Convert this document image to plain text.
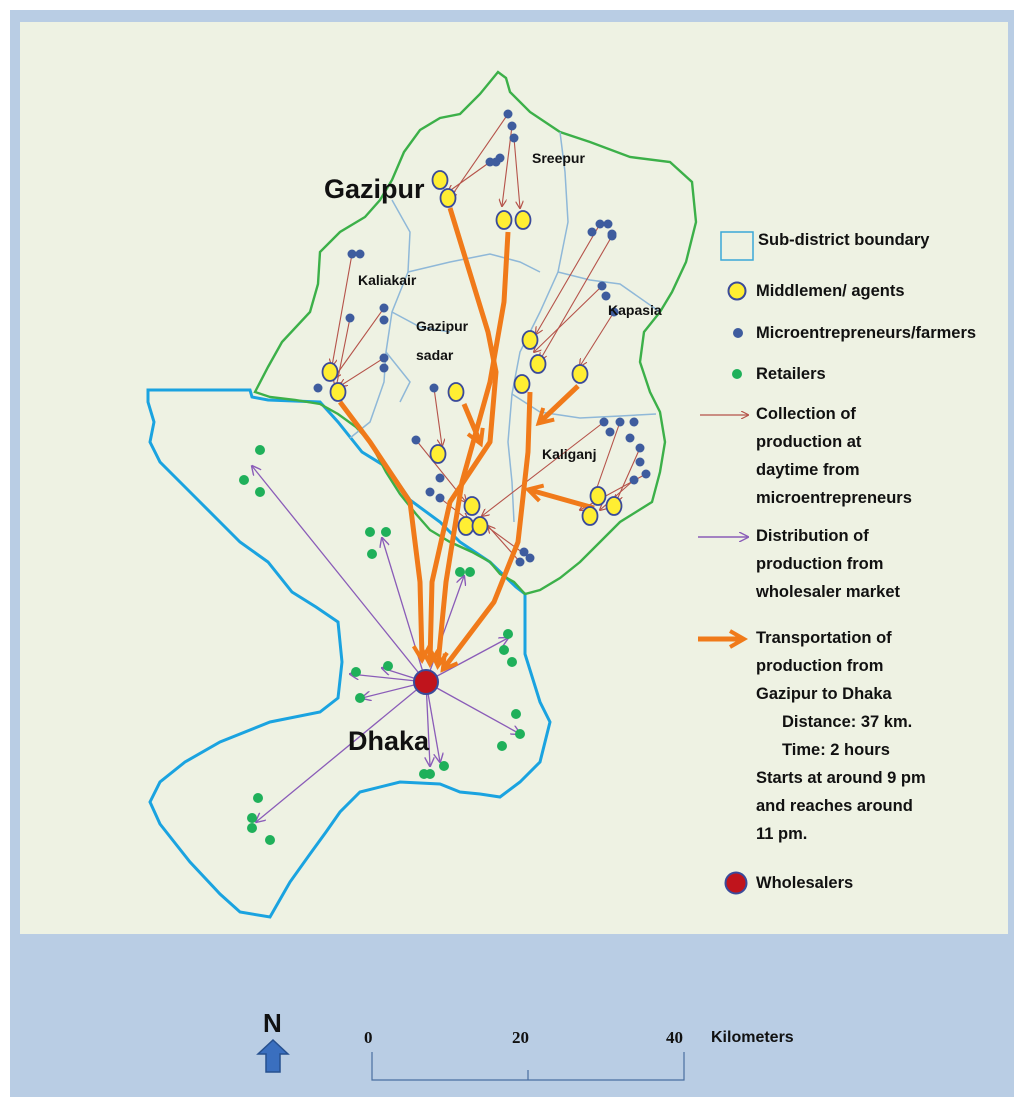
Gazipur
Dhaka
Sreepur
Kaliakair
Gazipur
sadar
Kapasia
Kaliganj
Sub-district boundary
Middlemen/ agents
Microentrepreneurs/farmers
Retailers
Collection of
production at
daytime from
microentrepreneurs
Distribution of
production from
wholesaler market
Transportation of
production from
Gazipur to Dhaka
Distance: 37 km.
Time: 2 hours
Starts at around 9 pm
and reaches around
11 pm.
Wholesalers
N	0	20	40 Kilometers
